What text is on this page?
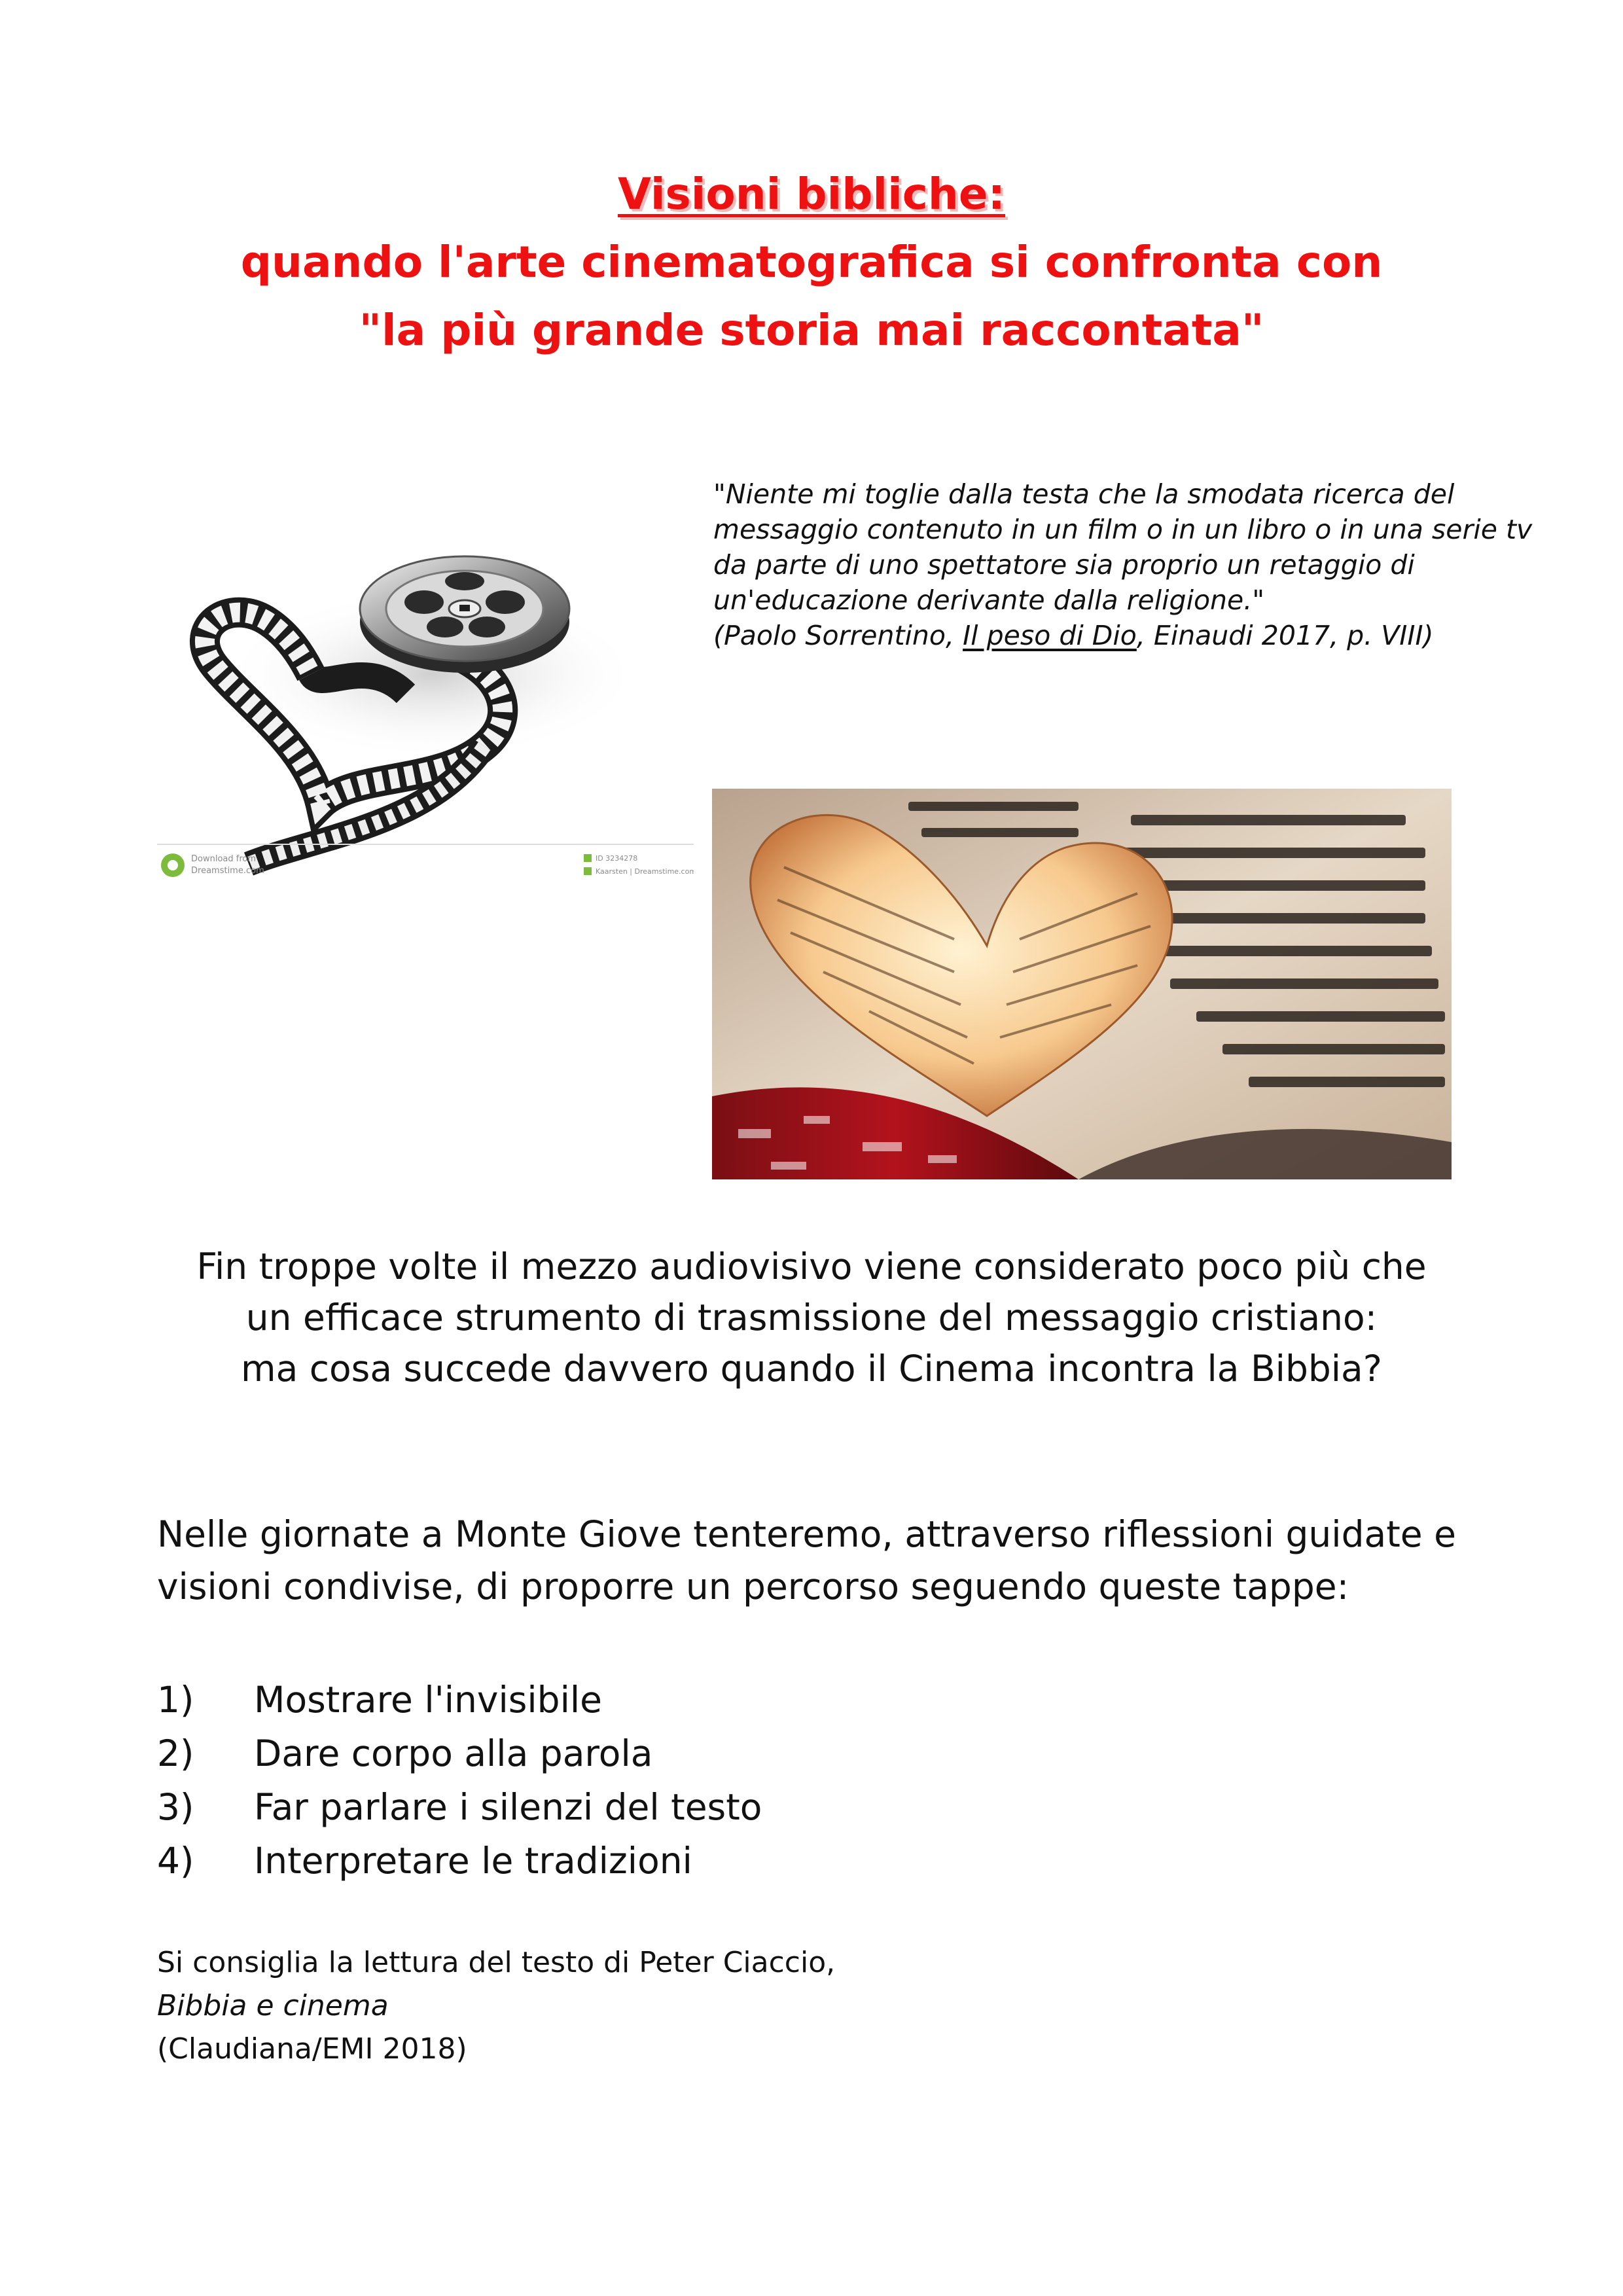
Visioni bibliche:
quando l'arte cinematografica si confronta con
"la più grande storia mai raccontata"
Download from
Dreamstime.com
ID 3234278
Kaarsten | Dreamstime.com
"Niente mi toglie dalla testa che la smodata ricerca del
messaggio contenuto in un film o in un libro o in una serie tv
da parte di uno spettatore sia proprio un retaggio di
un'educazione derivante dalla religione."
(Paolo Sorrentino, Il peso di Dio, Einaudi 2017, p. VIII)
Fin troppe volte il mezzo audiovisivo viene considerato poco più che
un efficace strumento di trasmissione del messaggio cristiano:
ma cosa succede davvero quando il Cinema incontra la Bibbia?
Nelle giornate a Monte Giove tenteremo, attraverso riflessioni guidate e
visioni condivise, di proporre un percorso seguendo queste tappe:
1)	Mostrare l'invisibile
2)	Dare corpo alla parola
3)	Far parlare i silenzi del testo
4)	Interpretare le tradizioni
Si consiglia la lettura del testo di Peter Ciaccio,
Bibbia e cinema
(Claudiana/EMI 2018)
